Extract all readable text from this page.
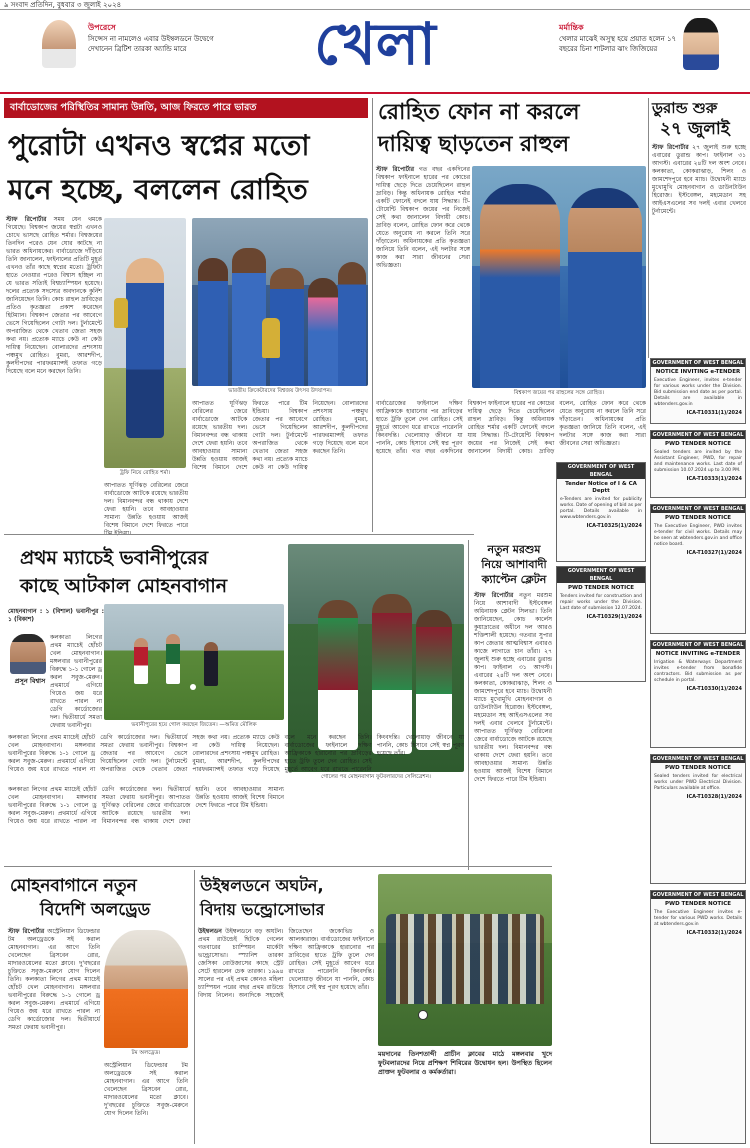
৯ সংবাদ প্রতিদিন, বুধবার ৩ জুলাই ২০২৪
উপরেসে
সিন্সেস না নামলেও এবার উইম্বলডনে উদ্বেগে দেখানেন ব্রিটিশ তারকা অ্যান্ডি মারে	খেলা	মর্মান্তিক
খেলার মাঝেই অসুস্থ হয়ে প্রয়াত হলেন ১৭ বছরের চিনা শাটলার ঝাং জিজিয়ের
বার্বাডোজের পরিস্থিতির সামান্য উন্নতি, আজ ফিরতে পারে ভারত
পুরোটা এখনও স্বপ্নের মতো
মনে হচ্ছে, বললেন রোহিত
স্টাফ রিপোর্টার সময় যেন থমকে গিয়েছে। বিশ্বকাপ জয়ের স্বপ্নটা এখনও চোখে ভাসছে রোহিত শর্মার। বিশ্বজয়ের তিনদিন পরেও যেন ঘোর কাটছে না ভারত অধিনায়কের। বার্বাডোজে দাঁড়িয়ে তিনি জানালেন, ফাইনালের প্রতিটি মুহূর্ত এখনও তাঁর কাছে স্বপ্নের মতো। ট্রফিটা হাতে নেওয়ার পরেও বিশ্বাস হচ্ছিল না যে ভারত সত্যিই বিশ্বচ্যাম্পিয়ন হয়েছে। দলের প্রত্যেক সদস্যের অবদানকে কুর্নিশ জানিয়েছেন তিনি। কোচ রাহুল দ্রাবিড়ের প্রতিও কৃতজ্ঞতা প্রকাশ করেছেন হিটম্যান। বিশ্বকাপ জেতার পর আবেগে ভেসে গিয়েছিলেন গোটা দল। টুর্নামেন্টে অপরাজিত থেকে খেতাব জেতা সহজ কথা নয়। প্রত্যেক ম্যাচে কেউ না কেউ দায়িত্ব নিয়েছেন। বোলারদের প্রশংসায় পঞ্চমুখ রোহিত। বুমরা, আরশদীপ, কুলদীপদের পারফরম্যান্সই তফাত গড়ে দিয়েছে বলে মনে করছেন তিনি।
ট্রফি নিয়ে রোহিত শর্মা।
ভারতীয় ক্রিকেটারদের বিশ্বজয় উৎসব উদযাপন।
আপাতত ঘূর্ণিঝড় বেরিলের জেরে বার্বাডোজে আটকে রয়েছে ভারতীয় দল। বিমানবন্দর বন্ধ থাকায় দেশে ফেরা হয়নি। তবে আবহাওয়ার সামান্য উন্নতি হওয়ায় আজই বিশেষ বিমানে দেশে ফিরতে পারে টিম ইন্ডিয়া।	বিশ্বকাপ জেতার পর আবেগে ভেসে গিয়েছিলেন গোটা দল। টুর্নামেন্টে অপরাজিত থেকে খেতাব জেতা সহজ কথা নয়। প্রত্যেক ম্যাচে কেউ না কেউ দায়িত্ব নিয়েছেন। বোলারদের প্রশংসায় পঞ্চমুখ রোহিত। বুমরা, আরশদীপ, কুলদীপদের পারফরম্যান্সই তফাত গড়ে দিয়েছে বলে মনে করছেন তিনি।
আপাতত ঘূর্ণিঝড় বেরিলের জেরে বার্বাডোজে আটকে রয়েছে ভারতীয় দল। বিমানবন্দর বন্ধ থাকায় দেশে ফেরা হয়নি। তবে আবহাওয়ার সামান্য উন্নতি হওয়ায় আজই বিশেষ বিমানে দেশে ফিরতে পারে
রোহিত ফোন না করলে
দায়িত্ব ছাড়তেন রাহুল
স্টাফ রিপোর্টার গত বছর একদিনের বিশ্বকাপ ফাইনালে হারের পর কোচের দায়িত্ব ছেড়ে দিতে চেয়েছিলেন রাহুল দ্রাবিড়। কিন্তু অধিনায়ক রোহিত শর্মার একটি ফোনেই বদলে যায় সিদ্ধান্ত। টি-টোয়েন্টি বিশ্বকাপ জয়ের পর নিজেই সেই কথা জানালেন বিদায়ী কোচ। দ্রাবিড় বলেন, রোহিত ফোন করে থেকে যেতে অনুরোধ না করলে তিনি সরে দাঁড়াতেন। অধিনায়কের প্রতি কৃতজ্ঞতা জানিয়ে তিনি বলেন, এই দলটার সঙ্গে কাজ করা সারা জীবনের সেরা অভিজ্ঞতা।
বিশ্বকাপ জয়ের পর রাহুলের সঙ্গে রোহিত।
বার্বাডোজের ফাইনালে দক্ষিণ আফ্রিকাকে হারানোর পর দ্রাবিড়ের হাতে ট্রফি তুলে দেন রোহিত। সেই মুহূর্তে আবেগ ধরে রাখতে পারেননি কিংবদন্তি। খেলোয়াড় জীবনে যা পাননি, কোচ হিসাবে সেই স্বপ্ন পূরণ হয়েছে তাঁর। গত বছর একদিনের বিশ্বকাপ ফাইনালে হারের পর কোচের দায়িত্ব ছেড়ে দিতে চেয়েছিলেন রাহুল দ্রাবিড়। কিন্তু অধিনায়ক রোহিত শর্মার একটি ফোনেই বদলে যায় সিদ্ধান্ত। টি-টোয়েন্টি বিশ্বকাপ জয়ের পর নিজেই সেই কথা জানালেন বিদায়ী কোচ। দ্রাবিড় বলেন, রোহিত ফোন করে থেকে যেতে অনুরোধ না করলে তিনি সরে দাঁড়াতেন। অধিনায়কের প্রতি কৃতজ্ঞতা জানিয়ে তিনি বলেন, এই দলটার সঙ্গে কাজ করা সারা জীবনের সেরা অভিজ্ঞতা।
ডুরান্ড শুরু
২৭ জুলাই
স্টাফ রিপোর্টার ২৭ জুলাই শুরু হচ্ছে এবারের ডুরান্ড কাপ। ফাইনাল ৩১ আগস্ট। এবারের ২৪টি দল অংশ নেবে। কলকাতা, কোকরাঝাড়, শিলং ও জামশেদপুরে হবে ম্যাচ। উদ্বোধনী ম্যাচে মুখোমুখি মোহনবাগান ও ডাউনটাউন হিরোজ। ইস্টবেঙ্গল, মহমেডান সহ আইএসএলের সব দলই এবার খেলবে টুর্নামেন্টে।
GOVERNMENT OF WEST BENGAL
NOTICE INVITING e-TENDER
Executive Engineer, invites e-tender for various works under the Division. Bid submission end date as per portal. Details are available in wbtenders.gov.in
ICA-T10331(1)/2024
GOVERNMENT OF WEST BENGAL
PWD TENDER NOTICE
Sealed tenders are invited by the Assistant Engineer, PWD, for repair and maintenance works. Last date of submission 10.07.2024 up to 3.00 PM.
ICA-T10333(1)/2024
GOVERNMENT OF WEST BENGAL
PWD TENDER NOTICE
The Executive Engineer, PWD invites e-tender for civil works. Details may be seen at wbtenders.gov.in and office notice board.
ICA-T10327(1)/2024
GOVERNMENT OF WEST BENGAL
NOTICE INVITING e-TENDER
Irrigation & Waterways Department invites e-tender from bonafide contractors. Bid submission as per schedule in portal.
ICA-T10330(1)/2024
GOVERNMENT OF WEST BENGAL
PWD TENDER NOTICE
Sealed tenders invited for electrical works under PWD Electrical Division. Particulars available at office.
ICA-T10328(1)/2024
GOVERNMENT OF WEST BENGAL
PWD TENDER NOTICE
The Executive Engineer invites e-tender for various PWD works. Details at wbtenders.gov.in
ICA-T10332(1)/2024
GOVERNMENT OF WEST BENGAL
Tender Notice of I & CA Deptt
e-Tenders are invited for publicity works. Date of opening of bid as per portal. Details available in www.wbtenders.gov.in
ICA-T10325(1)/2024
GOVERNMENT OF WEST BENGAL
PWD TENDER NOTICE
Tenders invited for construction and repair works under the Division. Last date of submission 12.07.2024.
ICA-T10329(1)/2024
প্রথম ম্যাচেই ভবানীপুরের
কাছে আটকাল মোহনবাগান
মোহনবাগান : ১ (বিশাল) ভবানীপুর : ১ (বিকাশ)
প্রসূন বিশ্বাস
কলকাতা লিগের প্রথম ম্যাচেই হোঁচট খেল মোহনবাগান। মঙ্গলবার ভবানীপুরের বিরুদ্ধে ১-১ গোলে ড্র করল সবুজ-মেরুন। প্রথমার্ধে এগিয়ে গিয়েও জয় ধরে রাখতে পারল না ডেগি কার্ডোজোর দল। দ্বিতীয়ার্ধে সমতা ফেরায় ভবানীপুর।	ভবানীপুরের হয়ে গোল করছেন জিতেন। —অমিত মৌলিক
গোলের পর মোহনবাগান ফুটবলারদের সেলিব্রেশন।
কলকাতা লিগের প্রথম ম্যাচেই হোঁচট খেল মোহনবাগান। মঙ্গলবার ভবানীপুরের বিরুদ্ধে ১-১ গোলে ড্র করল সবুজ-মেরুন। প্রথমার্ধে এগিয়ে গিয়েও জয় ধরে রাখতে পারল না ডেগি কার্ডোজোর দল। দ্বিতীয়ার্ধে সমতা ফেরায় ভবানীপুর। বিশ্বকাপ জেতার পর আবেগে ভেসে গিয়েছিলেন গোটা দল। টুর্নামেন্টে অপরাজিত থেকে খেতাব জেতা সহজ কথা নয়। প্রত্যেক ম্যাচে কেউ না কেউ দায়িত্ব নিয়েছেন। বোলারদের প্রশংসায় পঞ্চমুখ রোহিত। বুমরা, আরশদীপ, কুলদীপদের পারফরম্যান্সই তফাত গড়ে দিয়েছে বলে মনে করছেন তিনি। বার্বাডোজের ফাইনালে দক্ষিণ আফ্রিকাকে হারানোর পর দ্রাবিড়ের হাতে ট্রফি তুলে দেন রোহিত। সেই মুহূর্তে আবেগ ধরে রাখতে পারেননি কিংবদন্তি। খেলোয়াড় জীবনে যা পাননি, কোচ হিসাবে সেই স্বপ্ন পূরণ হয়েছে তাঁর।
কলকাতা লিগের প্রথম ম্যাচেই হোঁচট খেল মোহনবাগান। মঙ্গলবার ভবানীপুরের বিরুদ্ধে ১-১ গোলে ড্র করল সবুজ-মেরুন। প্রথমার্ধে এগিয়ে গিয়েও জয় ধরে রাখতে পারল না ডেগি কার্ডোজোর দল। দ্বিতীয়ার্ধে সমতা ফেরায় ভবানীপুর। আপাতত ঘূর্ণিঝড় বেরিলের জেরে বার্বাডোজে আটকে রয়েছে ভারতীয় দল। বিমানবন্দর বন্ধ থাকায় দেশে ফেরা হয়নি। তবে আবহাওয়ার সামান্য উন্নতি হওয়ায় আজই বিশেষ বিমানে দেশে ফিরতে পারে টিম ইন্ডিয়া।
নতুন মরশুম
নিয়ে আশাবাদী
ক্যাপ্টেন ক্লেটন
স্টাফ রিপোর্টার নতুন মরশুম নিয়ে আশাবাদী ইস্টবেঙ্গল অধিনায়ক ক্লেটন সিলভা। তিনি জানিয়েছেন, কোচ কার্লেস কুয়াদ্রাতের অধীনে দল আরও শক্তিশালী হয়েছে। গতবার সুপার কাপ জেতার আত্মবিশ্বাস এবারও কাজে লাগাতে চান তাঁরা। ২৭ জুলাই শুরু হচ্ছে এবারের ডুরান্ড কাপ। ফাইনাল ৩১ আগস্ট। এবারের ২৪টি দল অংশ নেবে। কলকাতা, কোকরাঝাড়, শিলং ও জামশেদপুরে হবে ম্যাচ। উদ্বোধনী ম্যাচে মুখোমুখি মোহনবাগান ও ডাউনটাউন হিরোজ। ইস্টবেঙ্গল, মহমেডান সহ আইএসএলের সব দলই এবার খেলবে টুর্নামেন্টে। আপাতত ঘূর্ণিঝড় বেরিলের জেরে বার্বাডোজে আটকে রয়েছে ভারতীয় দল। বিমানবন্দর বন্ধ থাকায় দেশে ফেরা হয়নি। তবে আবহাওয়ার সামান্য উন্নতি হওয়ায় আজই বিশেষ বিমানে দেশে ফিরতে পারে টিম ইন্ডিয়া।
মোহনবাগানে নতুন
বিদেশি অলড্রেড
স্টাফ রিপোর্টার অস্ট্রেলিয়ান ডিফেন্ডার টম অলড্রেডকে সই করাল মোহনবাগান। এর আগে তিনি খেলেছেন ব্রিসবেন রোর, মাদারওয়েলের মতো ক্লাবে। দু'বছরের চুক্তিতে সবুজ-মেরুনে যোগ দিলেন তিনি। কলকাতা লিগের প্রথম ম্যাচেই হোঁচট খেল মোহনবাগান। মঙ্গলবার ভবানীপুরের বিরুদ্ধে ১-১ গোলে ড্র করল সবুজ-মেরুন। প্রথমার্ধে এগিয়ে গিয়েও জয় ধরে রাখতে পারল না ডেগি কার্ডোজোর দল। দ্বিতীয়ার্ধে সমতা ফেরায় ভবানীপুর।
টম অলড্রেড।
অস্ট্রেলিয়ান ডিফেন্ডার টম অলড্রেডকে সই করাল মোহনবাগান। এর আগে তিনি খেলেছেন ব্রিসবেন রোর, মাদারওয়েলের মতো ক্লাবে। দু'বছরের চুক্তিতে সবুজ-মেরুনে যোগ দিলেন তিনি।
উইম্বলডনে অঘটন,
বিদায় ভন্ড্রোসোভার
উইম্বলডন উইম্বলডনে বড় অঘটন। প্রথম রাউন্ডেই ছিটকে গেলেন গতবারের চ্যাম্পিয়ন মার্কেটা ভন্ড্রোসোভা। স্প্যানিশ তারকা জেসিকা বোউজাসের কাছে স্ট্রেট সেটে হারলেন চেক তারকা। ১৯৯৪ সালের পর এই প্রথম কোনও মহিলা চ্যাম্পিয়ন পরের বছর প্রথম রাউন্ডে বিদায় নিলেন। অন্যদিকে সহজেই জিতেছেন জকোভিচ ও আলকারাজ। বার্বাডোজের ফাইনালে দক্ষিণ আফ্রিকাকে হারানোর পর দ্রাবিড়ের হাতে ট্রফি তুলে দেন রোহিত। সেই মুহূর্তে আবেগ ধরে রাখতে পারেননি কিংবদন্তি। খেলোয়াড় জীবনে যা পাননি, কোচ হিসাবে সেই স্বপ্ন পূরণ হয়েছে তাঁর।
ময়দানের তিনশতাব্দী প্রাচীন ক্লাবের মাঠে মঙ্গলবার খুদে ফুটবলারদের নিয়ে প্রশিক্ষণ শিবিরের উদ্বোধন হল। উপস্থিত ছিলেন প্রাক্তন ফুটবলার ও কর্মকর্তারা।
